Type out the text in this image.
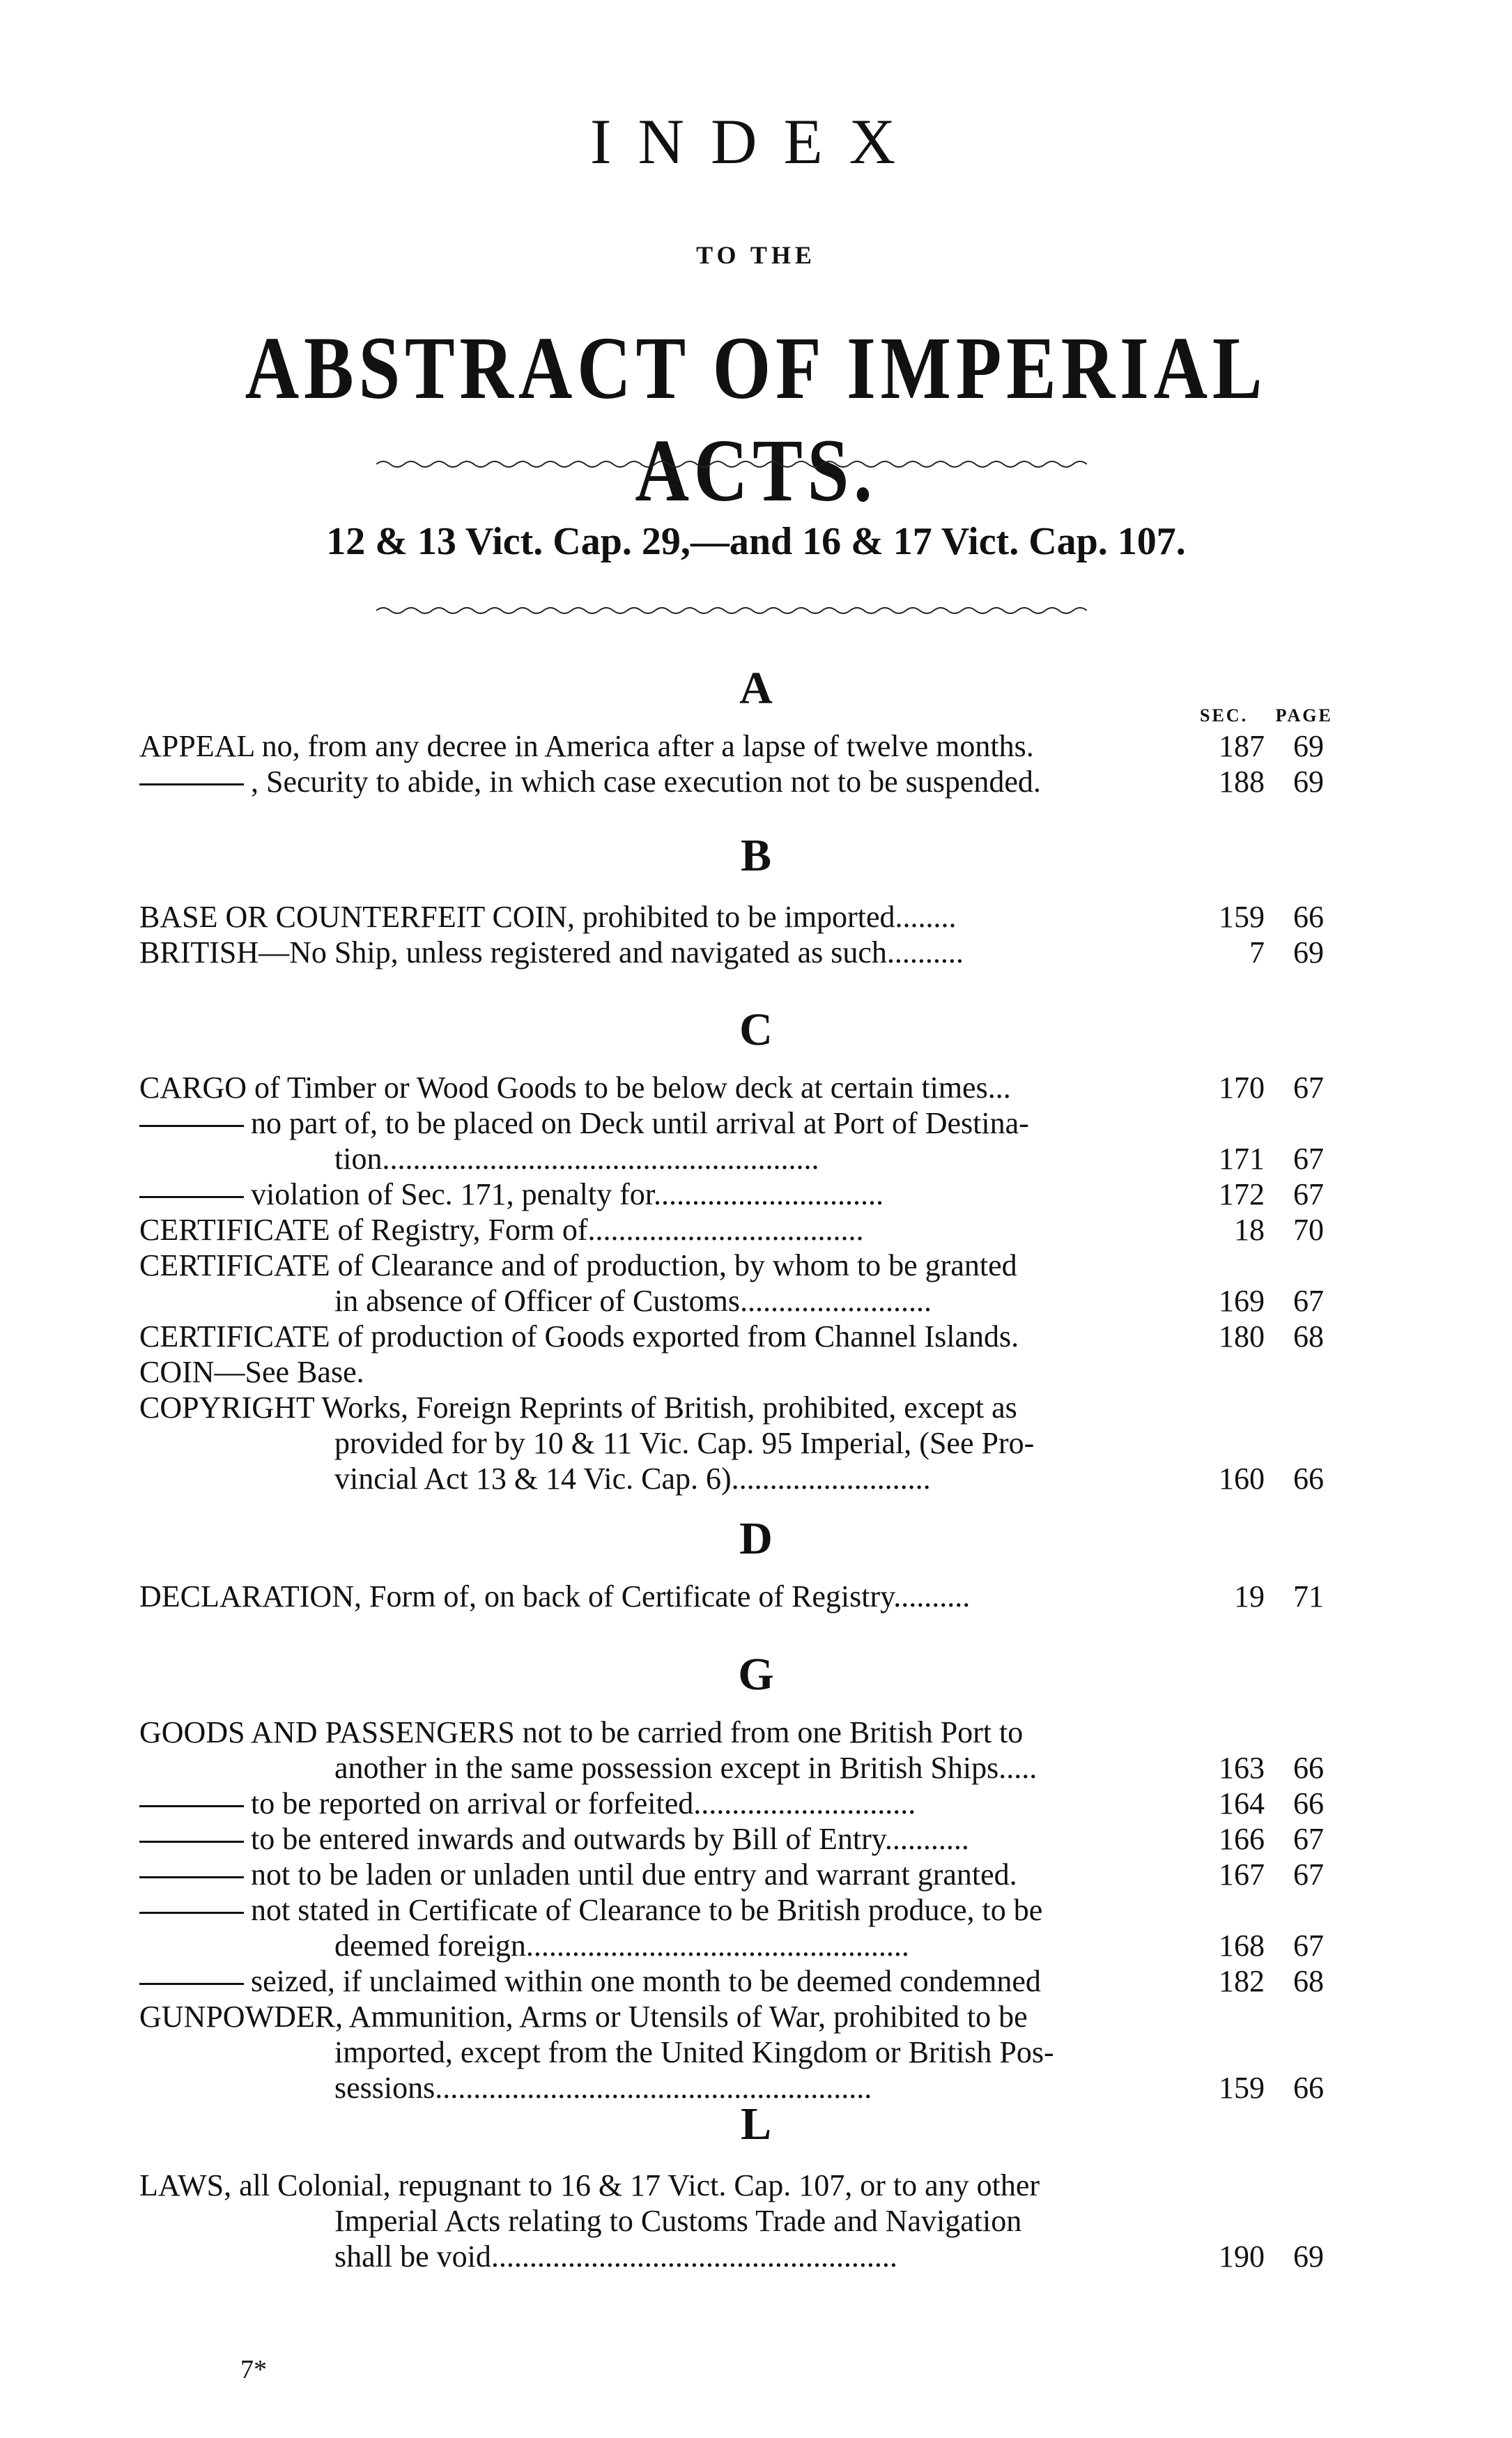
INDEX
TO THE
ABSTRACT OF IMPERIAL ACTS.
12 & 13 Vict. Cap. 29,—and 16 & 17 Vict. Cap. 107.
A
SEC. PAGE
APPEAL no, from any decree in America after a lapse of twelve months.	187 69
, Security to abide, in which case execution not to be suspended.	188 69
B
BASE OR COUNTERFEIT COIN, prohibited to be imported........	159 66
BRITISH—No Ship, unless registered and navigated as such..........	7 69
C
CARGO of Timber or Wood Goods to be below deck at certain times...	170 67
no part of, to be placed on Deck until arrival at Port of Destina-
tion.........................................................	171 67
violation of Sec. 171, penalty for..............................	172 67
CERTIFICATE of Registry, Form of....................................	18 70
CERTIFICATE of Clearance and of production, by whom to be granted
in absence of Officer of Customs.........................	169 67
CERTIFICATE of production of Goods exported from Channel Islands.	180 68
COIN—See Base.
COPYRIGHT Works, Foreign Reprints of British, prohibited, except as
provided for by 10 & 11 Vic. Cap. 95 Imperial, (See Pro-
vincial Act 13 & 14 Vic. Cap. 6)..........................	160 66
D
DECLARATION, Form of, on back of Certificate of Registry..........	19 71
G
GOODS AND PASSENGERS not to be carried from one British Port to
another in the same possession except in British Ships.....	163 66
to be reported on arrival or forfeited.............................	164 66
to be entered inwards and outwards by Bill of Entry...........	166 67
not to be laden or unladen until due entry and warrant granted.	167 67
not stated in Certificate of Clearance to be British produce, to be
deemed foreign..................................................	168 67
seized, if unclaimed within one month to be deemed condemned	182 68
GUNPOWDER, Ammunition, Arms or Utensils of War, prohibited to be
imported, except from the United Kingdom or British Pos-
sessions.........................................................	159 66
L
LAWS, all Colonial, repugnant to 16 & 17 Vict. Cap. 107, or to any other
Imperial Acts relating to Customs Trade and Navigation
shall be void.....................................................	190 69
7*
